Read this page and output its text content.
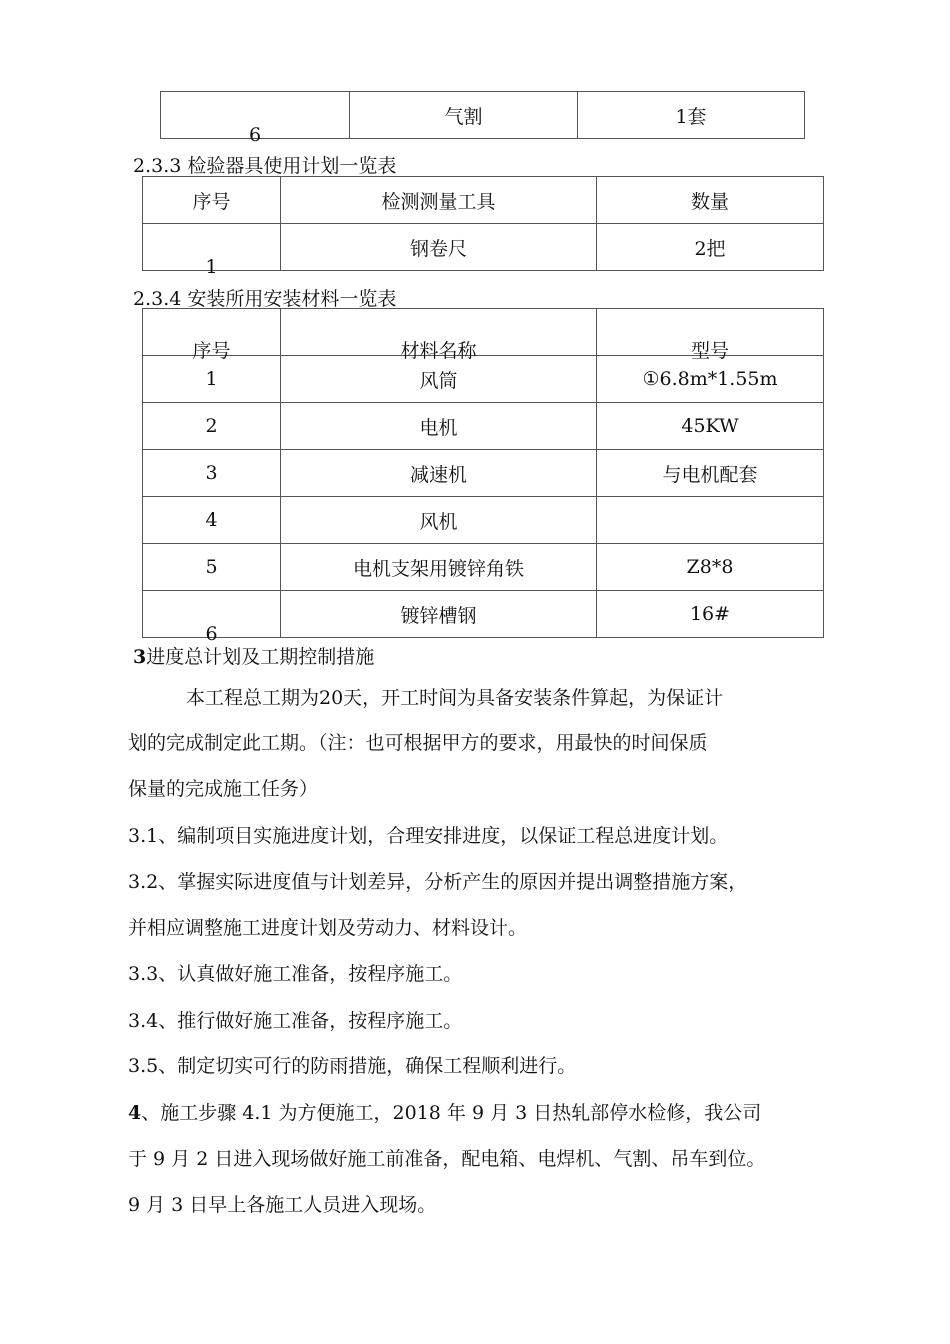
6	气割	1套
2.3.3 检验器具使用计划一览表
序号	检测测量工具	数量
1	钢卷尺	2把
2.3.4 安装所用安装材料一览表
序号	材料名称	型号
1	风筒	①6.8m*1.55m
2	电机	45KW
3	减速机	与电机配套
4	风机	
5	电机支架用镀锌角铁	Z8*8
6	镀锌槽钢	16#
3进度总计划及工期控制措施
本工程总工期为20天，开工时间为具备安装条件算起，为保证计
划的完成制定此工期。（注：也可根据甲方的要求，用最快的时间保质
保量的完成施工任务）
3.1、编制项目实施进度计划，合理安排进度，以保证工程总进度计划。
3.2、掌握实际进度值与计划差异，分析产生的原因并提出调整措施方案，
并相应调整施工进度计划及劳动力、材料设计。
3.3、认真做好施工准备，按程序施工。
3.4、推行做好施工准备，按程序施工。
3.5、制定切实可行的防雨措施，确保工程顺利进行。
4、施工步骤 4.1 为方便施工，2018 年 9 月 3 日热轧部停水检修，我公司
于 9 月 2 日进入现场做好施工前准备，配电箱、电焊机、气割、吊车到位。
9 月 3 日早上各施工人员进入现场。
